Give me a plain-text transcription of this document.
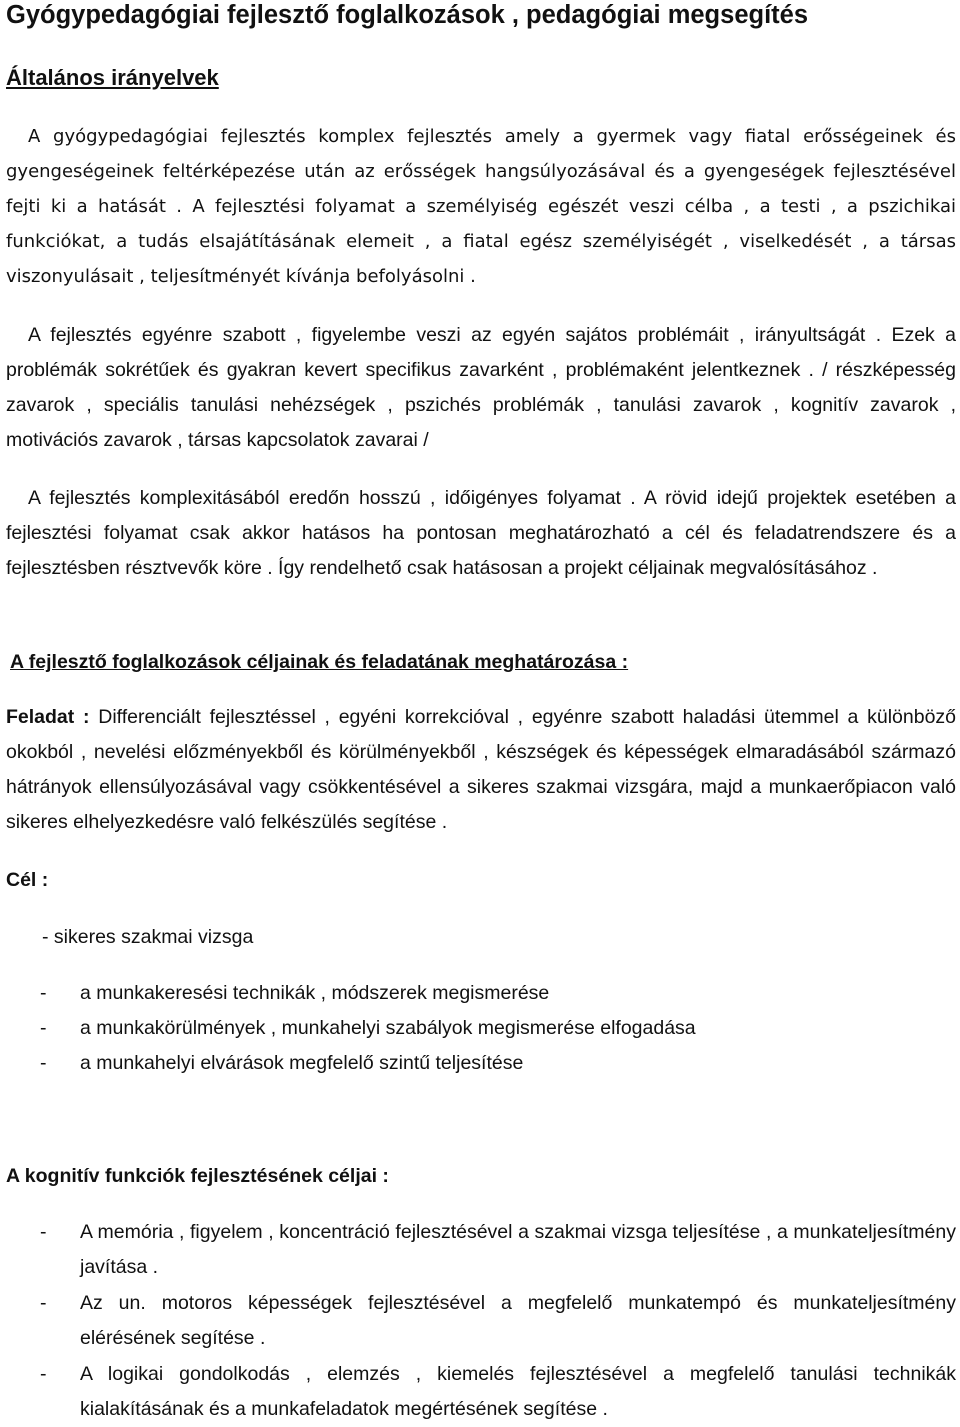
Gyógypedagógiai fejlesztő foglalkozások , pedagógiai megsegítés
Általános irányelvek

A gyógypedagógiai fejlesztés komplex fejlesztés amely a gyermek vagy fiatal erősségeinek és gyengeségeinek feltérképezése után az erősségek hangsúlyozásával és a gyengeségek fejlesztésével fejti ki a hatását . A fejlesztési folyamat a személyiség egészét veszi célba , a testi , a pszichikai funkciókat, a tudás elsajátításának elemeit , a fiatal egész személyiségét , viselkedését , a társas viszonyulásait , teljesítményét kívánja befolyásolni .

A fejlesztés egyénre szabott , figyelembe veszi az egyén sajátos problémáit , irányultságát . Ezek a problémák sokrétűek és gyakran kevert specifikus zavarként , problémaként jelentkeznek . / részképesség zavarok , speciális tanulási nehézségek , pszichés problémák , tanulási zavarok , kognitív zavarok , motivációs zavarok , társas kapcsolatok zavarai /

A fejlesztés komplexitásából eredőn hosszú , időigényes folyamat . A rövid idejű projektek esetében a fejlesztési folyamat csak akkor hatásos ha pontosan meghatározható a cél és feladatrendszere és a fejlesztésben résztvevők köre . Így rendelhető csak hatásosan a projekt céljainak megvalósításához .

A fejlesztő foglalkozások céljainak és feladatának meghatározása :

Feladat : Differenciált fejlesztéssel , egyéni korrekcióval , egyénre szabott haladási ütemmel a különböző okokból , nevelési előzményekből és körülményekből , készségek és képességek elmaradásából származó hátrányok ellensúlyozásával vagy csökkentésével a sikeres szakmai vizsgára, majd a munkaerőpiacon való sikeres elhelyezkedésre való felkészülés segítése .

Cél :
- sikeres szakmai vizsga
- a munkakeresési technikák , módszerek megismerése
- a munkakörülmények , munkahelyi szabályok megismerése elfogadása
- a munkahelyi elvárások megfelelő szintű teljesítése
A kognitív funkciók fejlesztésének céljai :
- A memória , figyelem , koncentráció fejlesztésével a szakmai vizsga teljesítése , a munkateljesítmény javítása .
- Az un. motoros képességek fejlesztésével a megfelelő munkatempó és munkateljesítmény elérésének segítése .
- A logikai gondolkodás , elemzés , kiemelés fejlesztésével a megfelelő tanulási technikák kialakításának és a munkafeladatok megértésének segítése .
